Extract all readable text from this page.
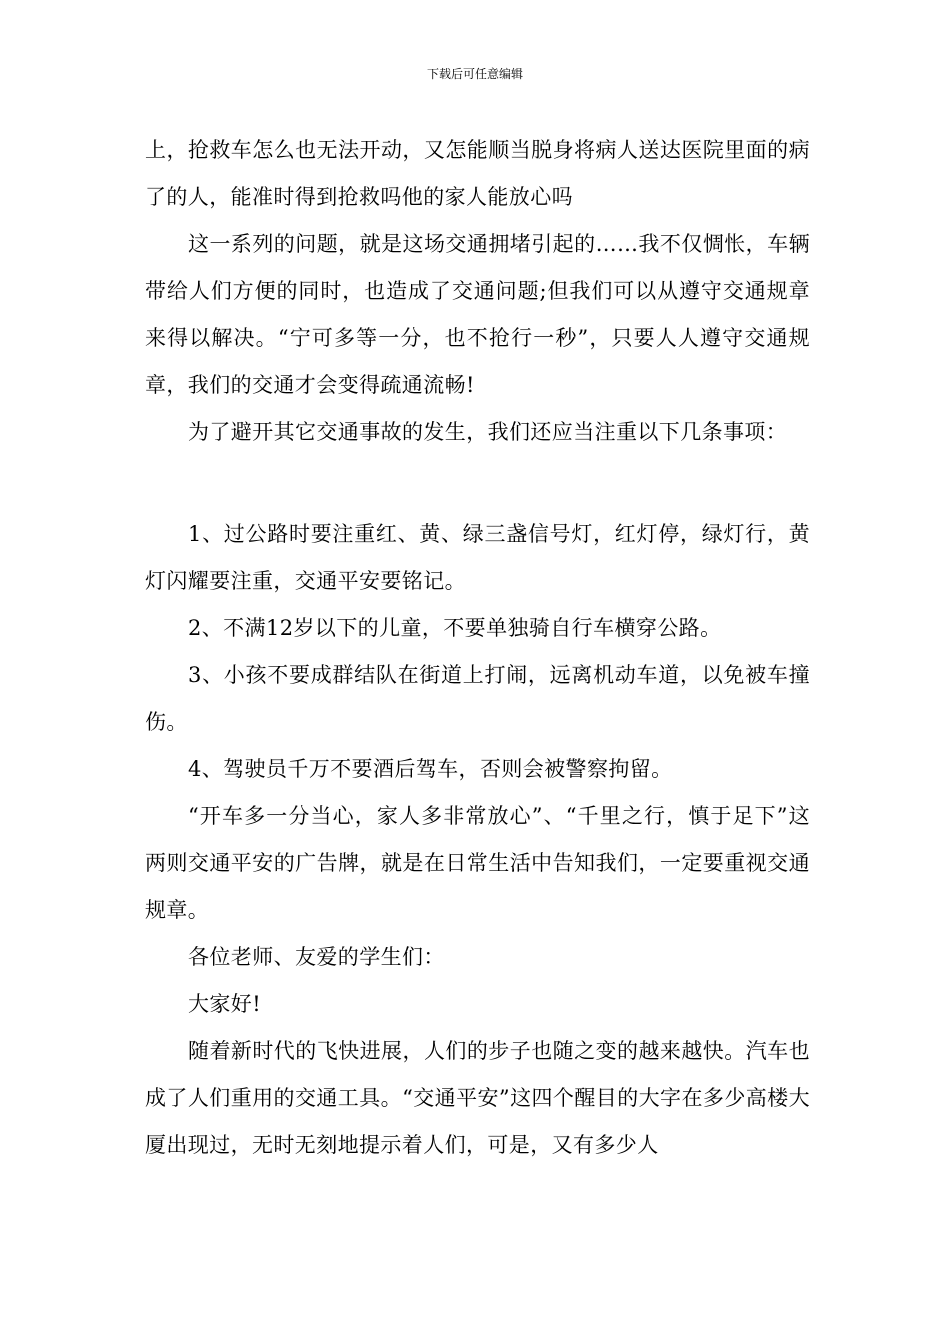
下载后可任意编辑

上，抢救车怎么也无法开动，又怎能顺当脱身将病人送达医院里面的病了的人，能准时得到抢救吗他的家人能放心吗

这一系列的问题，就是这场交通拥堵引起的……我不仅惆怅，车辆带给人们方便的同时，也造成了交通问题;但我们可以从遵守交通规章来得以解决。“宁可多等一分，也不抢行一秒”，只要人人遵守交通规章，我们的交通才会变得疏通流畅!

为了避开其它交通事故的发生，我们还应当注重以下几条事项：

1、过公路时要注重红、黄、绿三盏信号灯，红灯停，绿灯行，黄灯闪耀要注重，交通平安要铭记。

2、不满12岁以下的儿童，不要单独骑自行车横穿公路。

3、小孩不要成群结队在街道上打闹，远离机动车道，以免被车撞伤。

4、驾驶员千万不要酒后驾车，否则会被警察拘留。

“开车多一分当心，家人多非常放心”、“千里之行，慎于足下”这两则交通平安的广告牌，就是在日常生活中告知我们，一定要重视交通规章。

各位老师、友爱的学生们：

大家好!

随着新时代的飞快进展，人们的步子也随之变的越来越快。汽车也成了人们重用的交通工具。“交通平安”这四个醒目的大字在多少高楼大厦出现过，无时无刻地提示着人们，可是，又有多少人
